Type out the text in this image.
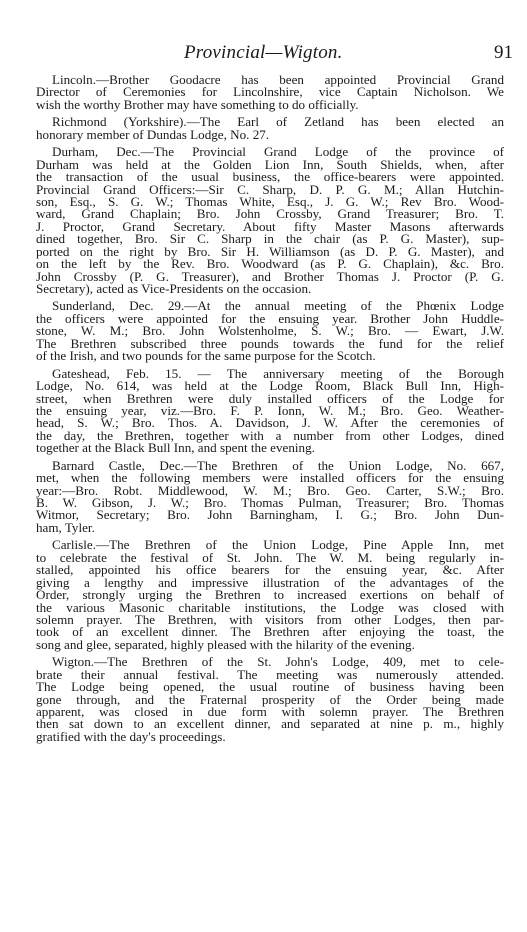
Provincial—Wigton.	91
Lincoln.—Brother Goodacre has been appointed Provincial Grand
Director of Ceremonies for Lincolnshire, vice Captain Nicholson. We
wish the worthy Brother may have something to do officially.
Richmond (Yorkshire).—The Earl of Zetland has been elected an
honorary member of Dundas Lodge, No. 27.
Durham, Dec.—The Provincial Grand Lodge of the province of
Durham was held at the Golden Lion Inn, South Shields, when, after
the transaction of the usual business, the office-bearers were appointed.
Provincial Grand Officers:—Sir C. Sharp, D. P. G. M.; Allan Hutchin-
son, Esq., S. G. W.; Thomas White, Esq., J. G. W.; Rev Bro. Wood-
ward, Grand Chaplain; Bro. John Crossby, Grand Treasurer; Bro. T.
J. Proctor, Grand Secretary. About fifty Master Masons afterwards
dined together, Bro. Sir C. Sharp in the chair (as P. G. Master), sup-
ported on the right by Bro. Sir H. Williamson (as D. P. G. Master), and
on the left by the Rev. Bro. Woodward (as P. G. Chaplain), &c. Bro.
John Crossby (P. G. Treasurer), and Brother Thomas J. Proctor (P. G.
Secretary), acted as Vice-Presidents on the occasion.
Sunderland, Dec. 29.—At the annual meeting of the Phœnix Lodge
the officers were appointed for the ensuing year. Brother John Huddle-
stone, W. M.; Bro. John Wolstenholme, S. W.; Bro. — Ewart, J.W.
The Brethren subscribed three pounds towards the fund for the relief
of the Irish, and two pounds for the same purpose for the Scotch.
Gateshead, Feb. 15. — The anniversary meeting of the Borough
Lodge, No. 614, was held at the Lodge Room, Black Bull Inn, High-
street, when Brethren were duly installed officers of the Lodge for
the ensuing year, viz.—Bro. F. P. Ionn, W. M.; Bro. Geo. Weather-
head, S. W.; Bro. Thos. A. Davidson, J. W. After the ceremonies of
the day, the Brethren, together with a number from other Lodges, dined
together at the Black Bull Inn, and spent the evening.
Barnard Castle, Dec.—The Brethren of the Union Lodge, No. 667,
met, when the following members were installed officers for the ensuing
year:—Bro. Robt. Middlewood, W. M.; Bro. Geo. Carter, S.W.; Bro.
B. W. Gibson, J. W.; Bro. Thomas Pulman, Treasurer; Bro. Thomas
Witmor, Secretary; Bro. John Barningham, I. G.; Bro. John Dun-
ham, Tyler.
Carlisle.—The Brethren of the Union Lodge, Pine Apple Inn, met
to celebrate the festival of St. John. The W. M. being regularly in-
stalled, appointed his office bearers for the ensuing year, &c. After
giving a lengthy and impressive illustration of the advantages of the
Order, strongly urging the Brethren to increased exertions on behalf of
the various Masonic charitable institutions, the Lodge was closed with
solemn prayer. The Brethren, with visitors from other Lodges, then par-
took of an excellent dinner. The Brethren after enjoying the toast, the
song and glee, separated, highly pleased with the hilarity of the evening.
Wigton.—The Brethren of the St. John's Lodge, 409, met to cele-
brate their annual festival. The meeting was numerously attended.
The Lodge being opened, the usual routine of business having been
gone through, and the Fraternal prosperity of the Order being made
apparent, was closed in due form with solemn prayer. The Brethren
then sat down to an excellent dinner, and separated at nine p. m., highly
gratified with the day's proceedings.
